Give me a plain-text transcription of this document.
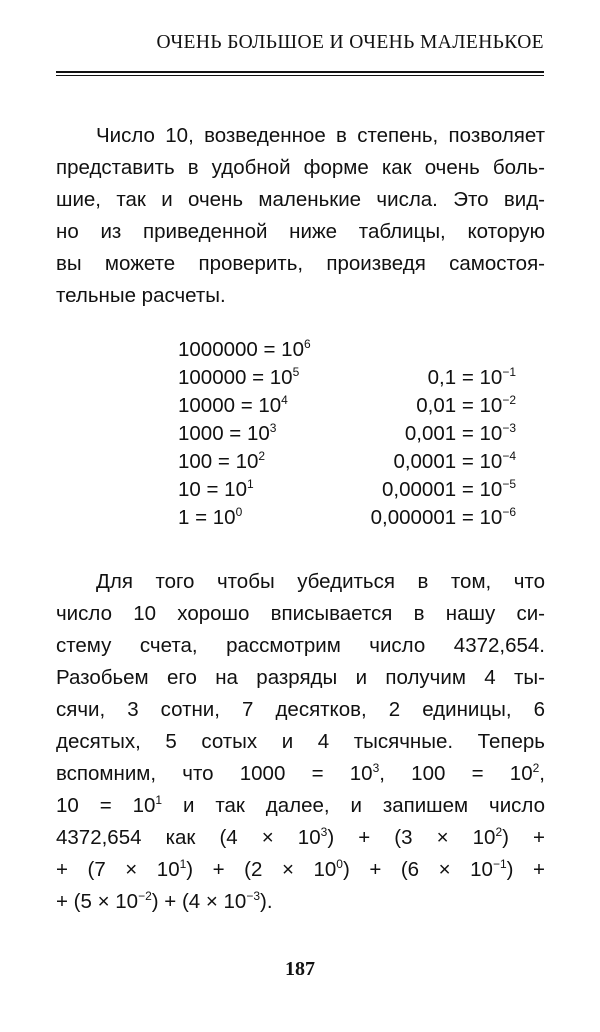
ОЧЕНЬ БОЛЬШОЕ И ОЧЕНЬ МАЛЕНЬКОЕ
Число 10, возведенное в степень, позволяет
представить в удобной форме как очень боль-
шие, так и очень маленькие числа. Это вид-
но из приведенной ниже таблицы, которую
вы можете проверить, произведя самостоя-
тельные расчеты.
$1000000 = 10^6$
$100000 = 10^5$	$0,1 = 10^{-1}$
$10000 = 10^4$	$0,01 = 10^{-2}$
$1000 = 10^3$	$0,001 = 10^{-3}$
$100 = 10^2$	$0,0001 = 10^{-4}$
$10 = 10^1$	$0,00001 = 10^{-5}$
$1 = 10^0$	$0,000001 = 10^{-6}$
Для того чтобы убедиться в том, что
число 10 хорошо вписывается в нашу си-
стему счета, рассмотрим число 4372,654.
Разобьем его на разряды и получим 4 ты-
сячи, 3 сотни, 7 десятков, 2 единицы, 6
десятых, 5 сотых и 4 тысячные. Теперь
вспомним, что $1000 = 10^3$, $100 = 10^2$,
$10 = 10^1$ и так далее, и запишем число
4372,654 как $(4 \times 10^3) + (3 \times 10^2)$ +
+ $(7 \times 10^1) + (2 \times 10^0) + (6 \times 10^{-1})$ +
+ $(5 \times 10^{-2}) + (4 \times 10^{-3})$.
187
